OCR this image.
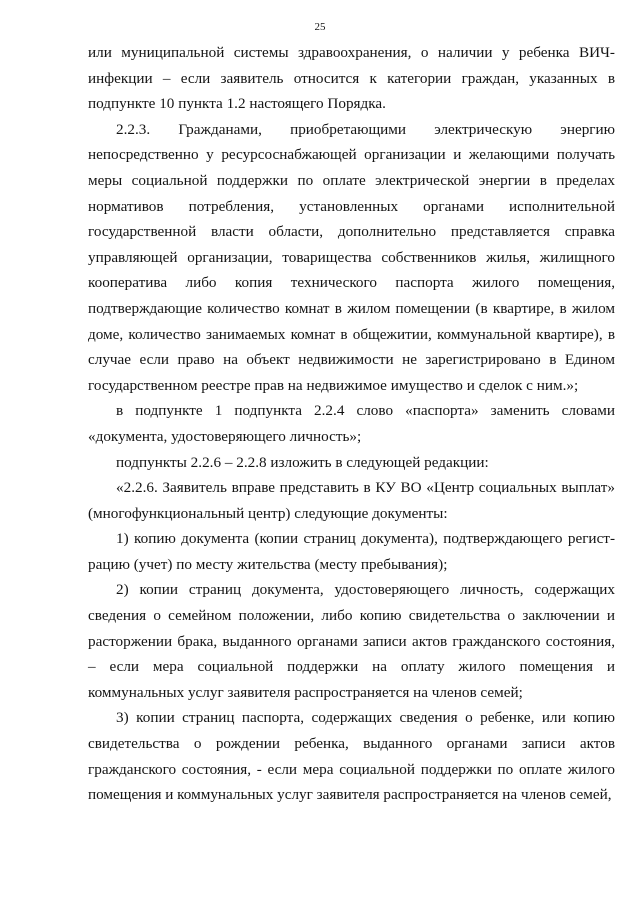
25

или муниципальной системы здравоохранения, о наличии у ребенка ВИЧ-инфекции – если заявитель относится к категории граждан, указанных в подпункте 10 пункта 1.2 настоящего Порядка.

2.2.3. Гражданами, приобретающими электрическую энергию непосредственно у ресурсоснабжающей организации и желающими получать меры социальной поддержки по оплате электрической энергии в пределах нормативов потребления, установленных органами исполнительной государственной власти области, дополнительно представляется справка управляющей организации, товарищества собственников жилья, жилищного кооператива либо копия технического паспорта жилого помещения, подтверждающие количество комнат в жилом помещении (в квартире, в жилом доме, количество занимаемых комнат в общежитии, коммунальной квартире), в случае если право на объект недвижимости не зарегистрировано в Едином государственном реестре прав на недвижимое имущество и сделок с ним.»;

в подпункте 1 подпункта 2.2.4 слово «паспорта» заменить словами «документа, удостоверяющего личность»;

подпункты 2.2.6 – 2.2.8 изложить в следующей редакции:

«2.2.6. Заявитель вправе представить в КУ ВО «Центр социальных выплат» (многофункциональный центр) следующие документы:

1) копию документа (копии страниц документа), подтверждающего регист-рацию (учет) по месту жительства (месту пребывания);

2) копии страниц документа, удостоверяющего личность, содержащих сведения о семейном положении, либо копию свидетельства о заключении и расторжении брака, выданного органами записи актов гражданского состояния, – если мера социальной поддержки на оплату жилого помещения и коммунальных услуг заявителя распространяется на членов семей;

3) копии страниц паспорта, содержащих сведения о ребенке, или копию свидетельства о рождении ребенка, выданного органами записи актов гражданского состояния, - если мера социальной поддержки по оплате жилого помещения и коммунальных услуг заявителя распространяется на членов семей,
